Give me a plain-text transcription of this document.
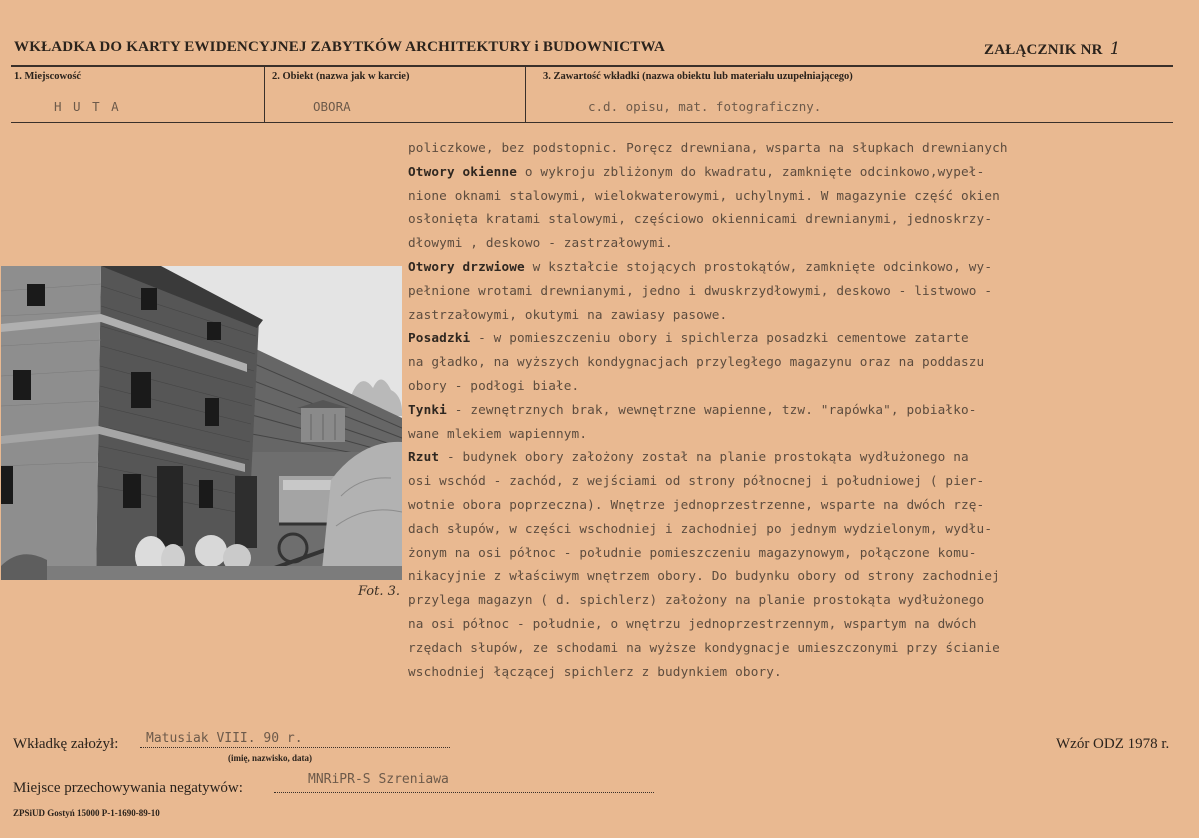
WKŁADKA DO KARTY EWIDENCYJNEJ ZABYTKÓW ARCHITEKTURY i BUDOWNICTWA	ZAŁĄCZNIK NR 1
1. Miejscowość
H U T A
2. Obiekt (nazwa jak w karcie)
OBORA
3. Zawartość wkładki (nazwa obiektu lub materiału uzupełniającego)
c.d. opisu, mat. fotograficzny.
Fot. 3.
policzkowe, bez podstopnic. Poręcz drewniana, wsparta na słupkach drewnianych
Otwory okienne o wykroju zbliżonym do kwadratu, zamknięte odcinkowo,wypeł-
nione oknami stalowymi, wielokwaterowymi, uchylnymi. W magazynie część okien
osłonięta kratami stalowymi, częściowo okiennicami drewnianymi, jednoskrzy-
dłowymi , deskowo - zastrzałowymi.
Otwory drzwiowe w kształcie stojących prostokątów, zamknięte odcinkowo, wy-
pełnione wrotami drewnianymi, jedno i dwuskrzydłowymi, deskowo - listwowo -
zastrzałowymi, okutymi na zawiasy pasowe.
Posadzki - w pomieszczeniu obory i spichlerza posadzki cementowe zatarte
na gładko, na wyższych kondygnacjach przyległego magazynu oraz na poddaszu
obory - podłogi białe.
Tynki - zewnętrznych brak, wewnętrzne wapienne, tzw. "rapówka", pobiałko-
wane mlekiem wapiennym.
Rzut - budynek obory założony został na planie prostokąta wydłużonego na
osi wschód - zachód, z wejściami od strony północnej i południowej ( pier-
wotnie obora poprzeczna). Wnętrze jednoprzestrzenne, wsparte na dwóch rzę-
dach słupów, w części wschodniej i zachodniej po jednym wydzielonym, wydłu-
żonym na osi północ - południe pomieszczeniu magazynowym, połączone komu-
nikacyjnie z właściwym wnętrzem obory. Do budynku obory od strony zachodniej
przylega magazyn ( d. spichlerz) założony na planie prostokąta wydłużonego
na osi północ - południe, o wnętrzu jednoprzestrzennym, wspartym na dwóch
rzędach słupów, ze schodami na wyższe kondygnacje umieszczonymi przy ścianie
wschodniej łączącej spichlerz z budynkiem obory.
Wkładkę założył: Matusiak VIII. 90 r.
(imię, nazwisko, data)
Wzór ODZ 1978 r.
Miejsce przechowywania negatywów:
MNRiPR-S Szreniawa
ZPSiUD Gostyń 15000 P-1-1690-89-10
